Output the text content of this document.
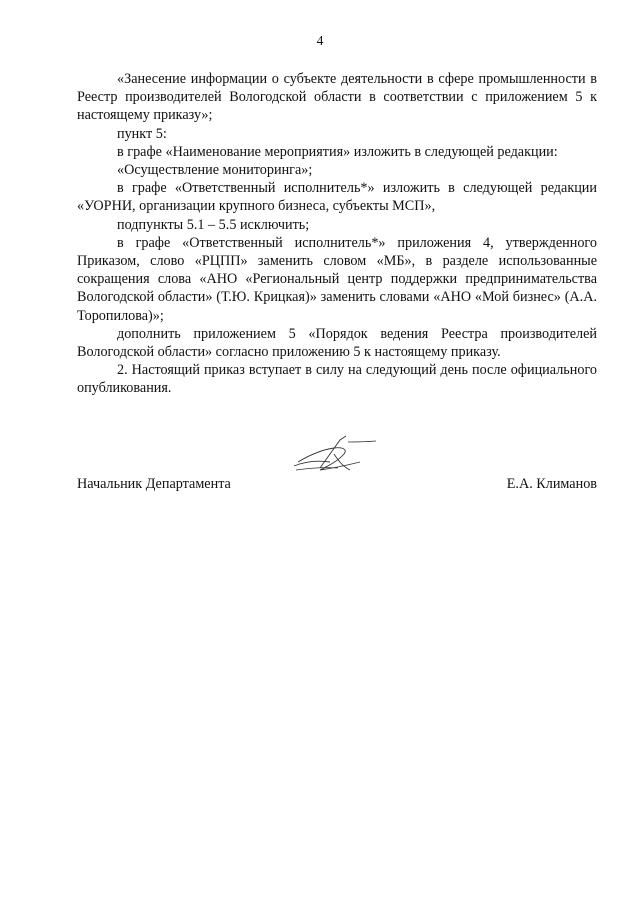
4

«Занесение информации о субъекте деятельности в сфере промышленности в Реестр производителей Вологодской области в соответствии с приложением 5 к настоящему приказу»;

пункт 5:

в графе «Наименование мероприятия» изложить в следующей редакции:

«Осуществление мониторинга»;

в графе «Ответственный исполнитель*» изложить в следующей редакции «УОРНИ, организации крупного бизнеса, субъекты МСП»,

подпункты 5.1 – 5.5 исключить;

в графе «Ответственный исполнитель*» приложения 4, утвержденного Приказом, слово «РЦПП» заменить словом «МБ», в разделе использованные сокращения слова «АНО «Региональный центр поддержки предпринимательства Вологодской области» (Т.Ю. Крицкая)» заменить словами «АНО «Мой бизнес» (А.А. Торопилова)»;

дополнить приложением 5 «Порядок ведения Реестра производителей Вологодской области» согласно приложению 5 к настоящему приказу.

2. Настоящий приказ вступает в силу на следующий день после официального опубликования.

Начальник Департамента	Е.А. Климанов
